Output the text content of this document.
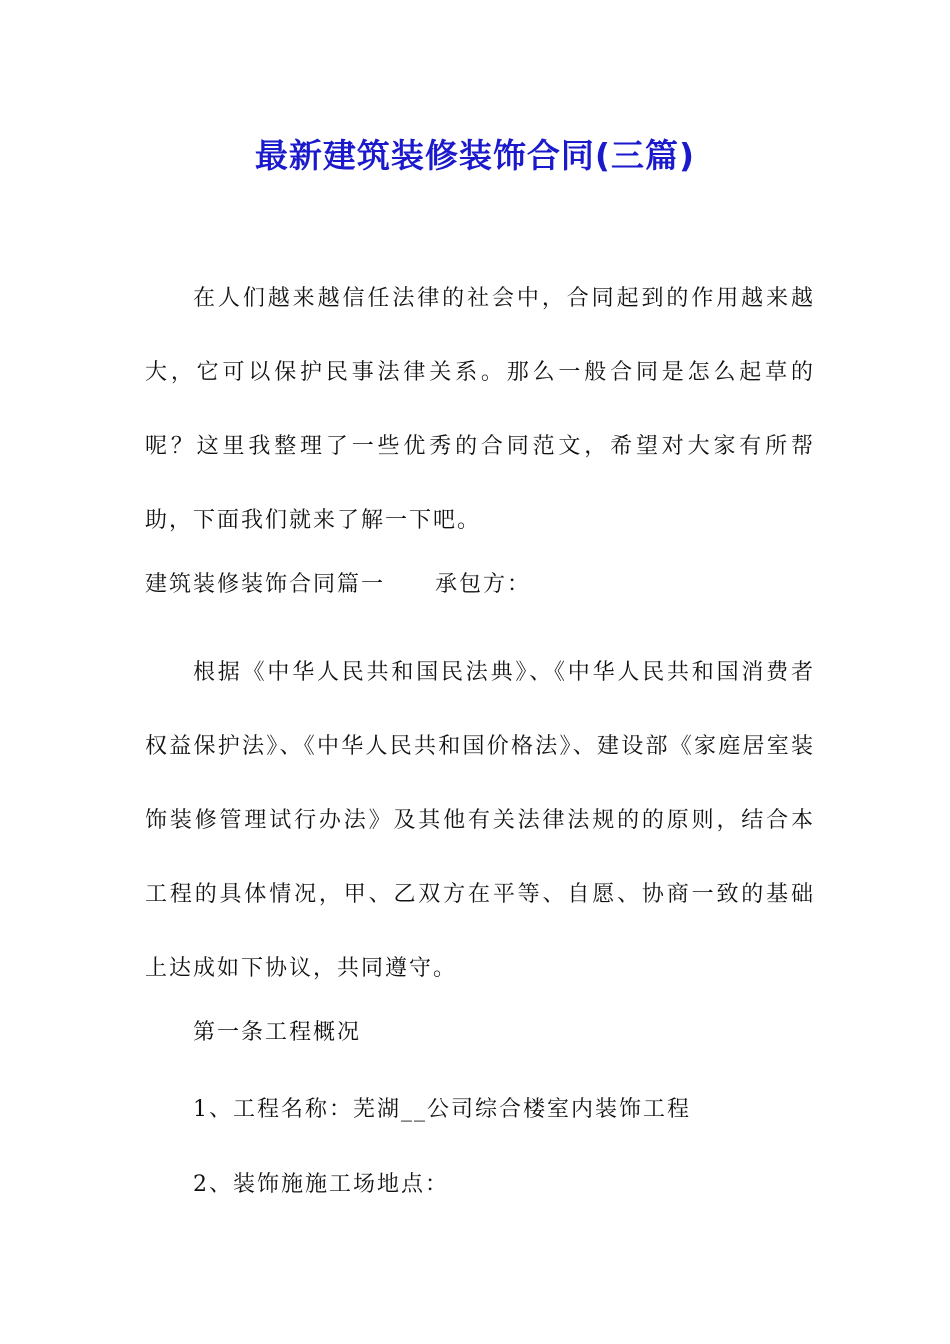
最新建筑装修装饰合同(三篇)
在人们越来越信任法律的社会中，合同起到的作用越来越大，它可以保护民事法律关系。那么一般合同是怎么起草的呢？这里我整理了一些优秀的合同范文，希望对大家有所帮助，下面我们就来了解一下吧。
建筑装修装饰合同篇一 承包方：
根据《中华人民共和国民法典》、《中华人民共和国消费者权益保护法》、《中华人民共和国价格法》、建设部《家庭居室装饰装修管理试行办法》及其他有关法律法规的的原则，结合本工程的具体情况，甲、乙双方在平等、自愿、协商一致的基础上达成如下协议，共同遵守。
第一条工程概况
1、工程名称：芜湖__公司综合楼室内装饰工程
2、装饰施施工场地点：
